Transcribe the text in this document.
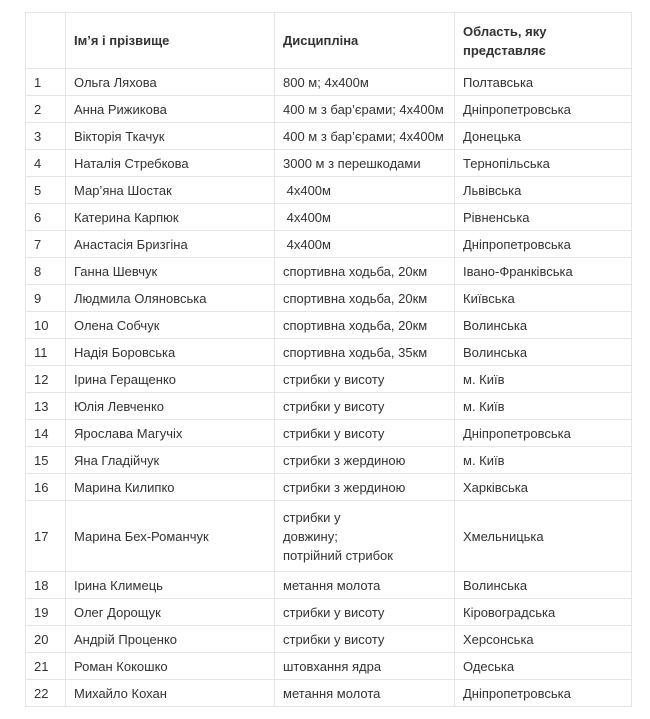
	Ім’я і прізвище	Дисципліна	Область, яку представляє
1	Ольга Ляхова	800 м; 4х400м	Полтавська
2	Анна Рижикова	400 м з бар’єрами; 4х400м	Дніпропетровська
3	Вікторія Ткачук	400 м з бар’єрами; 4х400м	Донецька
4	Наталія Стребкова	3000 м з перешкодами	Тернопільська
5	Мар’яна Шостак	4х400м	Львівська
6	Катерина Карпюк	4х400м	Рівненська
7	Анастасія Бризгіна	4х400м	Дніпропетровська
8	Ганна Шевчук	спортивна ходьба, 20км	Івано-Франківська
9	Людмила Оляновська	спортивна ходьба, 20км	Київська
10	Олена Собчук	спортивна ходьба, 20км	Волинська
11	Надія Боровська	спортивна ходьба, 35км	Волинська
12	Ірина Геращенко	стрибки у висоту	м. Київ
13	Юлія Левченко	стрибки у висоту	м. Київ
14	Ярослава Магучіх	стрибки у висоту	Дніпропетровська
15	Яна Гладійчук	стрибки з жердиною	м. Київ
16	Марина Килипко	стрибки з жердиною	Харківська
17	Марина Бех-Романчук	стрибки у
довжину;
потрійний стрибок	Хмельницька
18	Ірина Климець	метання молота	Волинська
19	Олег Дорощук	стрибки у висоту	Кіровоградська
20	Андрій Проценко	стрибки у висоту	Херсонська
21	Роман Кокошко	штовхання ядра	Одеська
22	Михайло Кохан	метання молота	Дніпропетровська
